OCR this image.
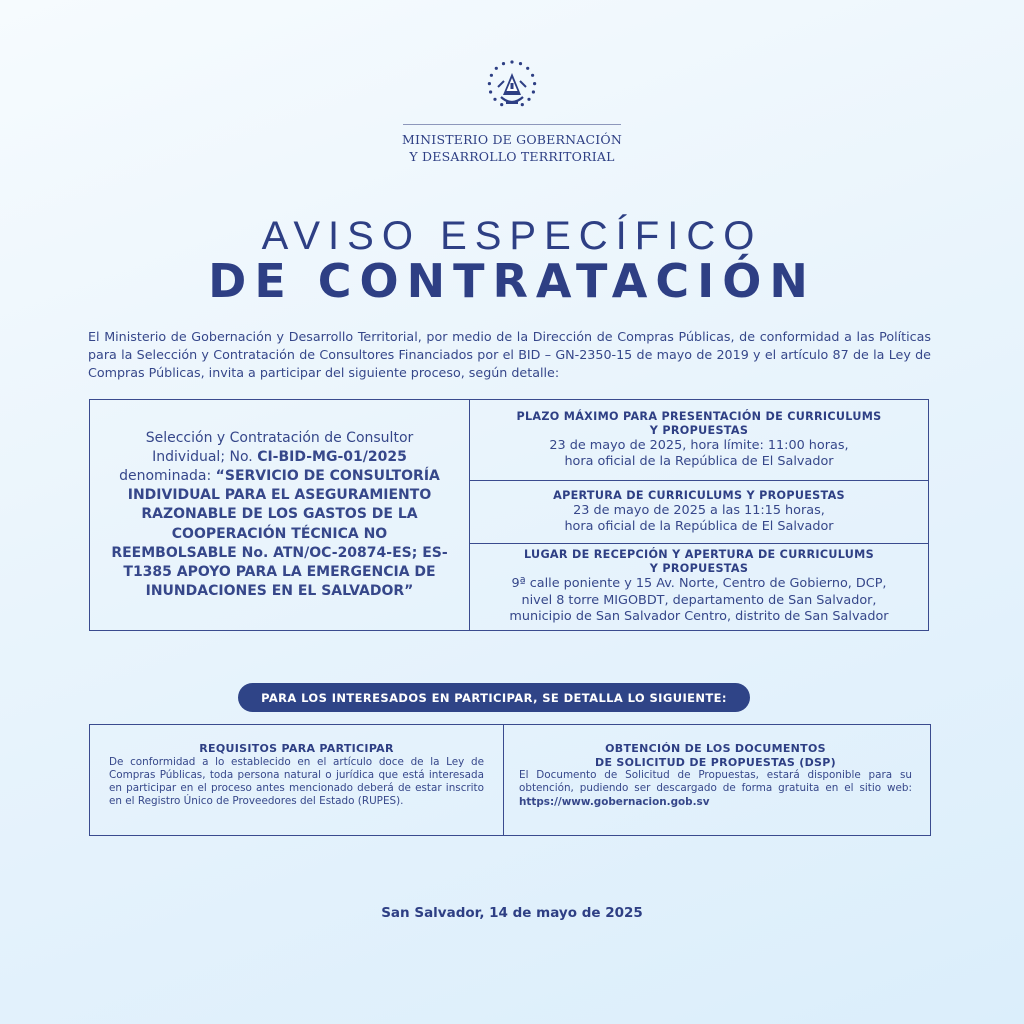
MINISTERIO DE GOBERNACIÓN
Y DESARROLLO TERRITORIAL
AVISO ESPECÍFICO
DE CONTRATACIÓN
El Ministerio de Gobernación y Desarrollo Territorial, por medio de la Dirección de Compras Públicas, de conformidad a las Políticas para la Selección y Contratación de Consultores Financiados por el BID – GN-2350-15 de mayo de 2019 y el artículo 87 de la Ley de Compras Públicas, invita a participar del siguiente proceso, según detalle:
Selección y Contratación de Consultor Individual; No. CI-BID-MG-01/2025 denominada: “SERVICIO DE CONSULTORÍA INDIVIDUAL PARA EL ASEGURAMIENTO RAZONABLE DE LOS GASTOS DE LA COOPERACIÓN TÉCNICA NO REEMBOLSABLE No. ATN/OC-20874-ES; ES-T1385 APOYO PARA LA EMERGENCIA DE INUNDACIONES EN EL SALVADOR”
PLAZO MÁXIMO PARA PRESENTACIÓN DE CURRICULUMS
Y PROPUESTAS
23 de mayo de 2025, hora límite: 11:00 horas,
hora oficial de la República de El Salvador
APERTURA DE CURRICULUMS Y PROPUESTAS
23 de mayo de 2025 a las 11:15 horas,
hora oficial de la República de El Salvador
LUGAR DE RECEPCIÓN Y APERTURA DE CURRICULUMS
Y PROPUESTAS
9ª calle poniente y 15 Av. Norte, Centro de Gobierno, DCP,
nivel 8 torre MIGOBDT, departamento de San Salvador,
municipio de San Salvador Centro, distrito de San Salvador
PARA LOS INTERESADOS EN PARTICIPAR, SE DETALLA LO SIGUIENTE:
REQUISITOS PARA PARTICIPAR
De conformidad a lo establecido en el artículo doce de la Ley de Compras Públicas, toda persona natural o jurídica que está interesada en participar en el proceso antes mencionado deberá de estar inscrito en el Registro Único de Proveedores del Estado (RUPES).
OBTENCIÓN DE LOS DOCUMENTOS
DE SOLICITUD DE PROPUESTAS (DSP)
El Documento de Solicitud de Propuestas, estará disponible para su obtención, pudiendo ser descargado de forma gratuita en el sitio web: https://www.gobernacion.gob.sv
San Salvador, 14 de mayo de 2025
